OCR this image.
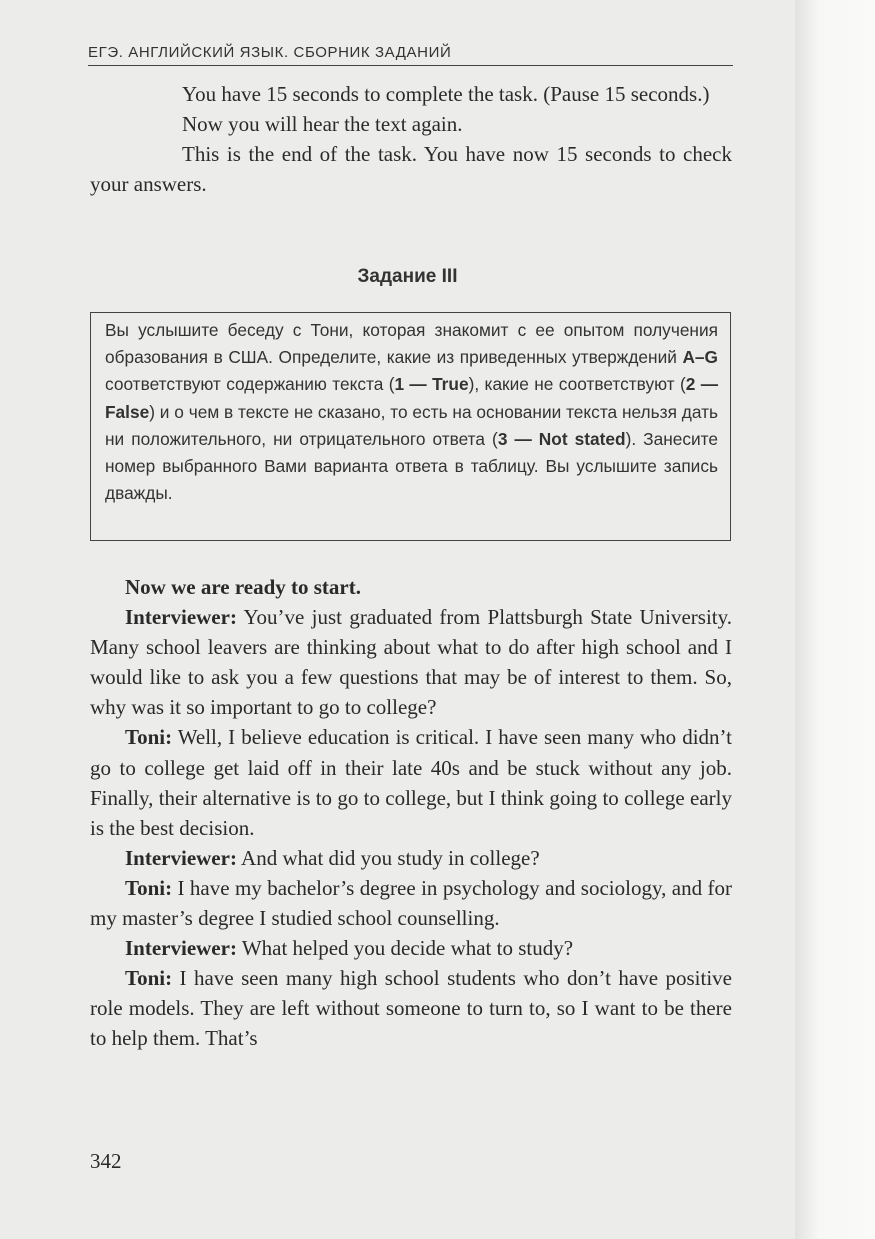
ЕГЭ. АНГЛИЙСКИЙ ЯЗЫК. СБОРНИК ЗАДАНИЙ

You have 15 seconds to complete the task. (Pause 15 seconds.)

Now you will hear the text again.

This is the end of the task. You have now 15 seconds to check your answers.

Задание III
Вы услышите беседу с Тони, которая знакомит с ее опытом получения образования в США. Определите, какие из приведенных утверждений A–G соответствуют содержанию текста (1 — True), какие не соответствуют (2 — False) и о чем в тексте не сказано, то есть на основании текста нельзя дать ни положительного, ни отрицательного ответа (3 — Not stated). Занесите номер выбранного Вами варианта ответа в таблицу. Вы услышите запись дважды.

Now we are ready to start.

Interviewer: You’ve just graduated from Plattsburgh State University. Many school leavers are thinking about what to do after high school and I would like to ask you a few questions that may be of interest to them. So, why was it so important to go to college?

Toni: Well, I believe education is critical. I have seen many who didn’t go to college get laid off in their late 40s and be stuck without any job. Finally, their alternative is to go to college, but I think going to college early is the best decision.

Interviewer: And what did you study in college?

Toni: I have my bachelor’s degree in psychology and sociology, and for my master’s degree I studied school counselling.

Interviewer: What helped you decide what to study?

Toni: I have seen many high school students who don’t have positive role models. They are left without someone to turn to, so I want to be there to help them. That’s

342
